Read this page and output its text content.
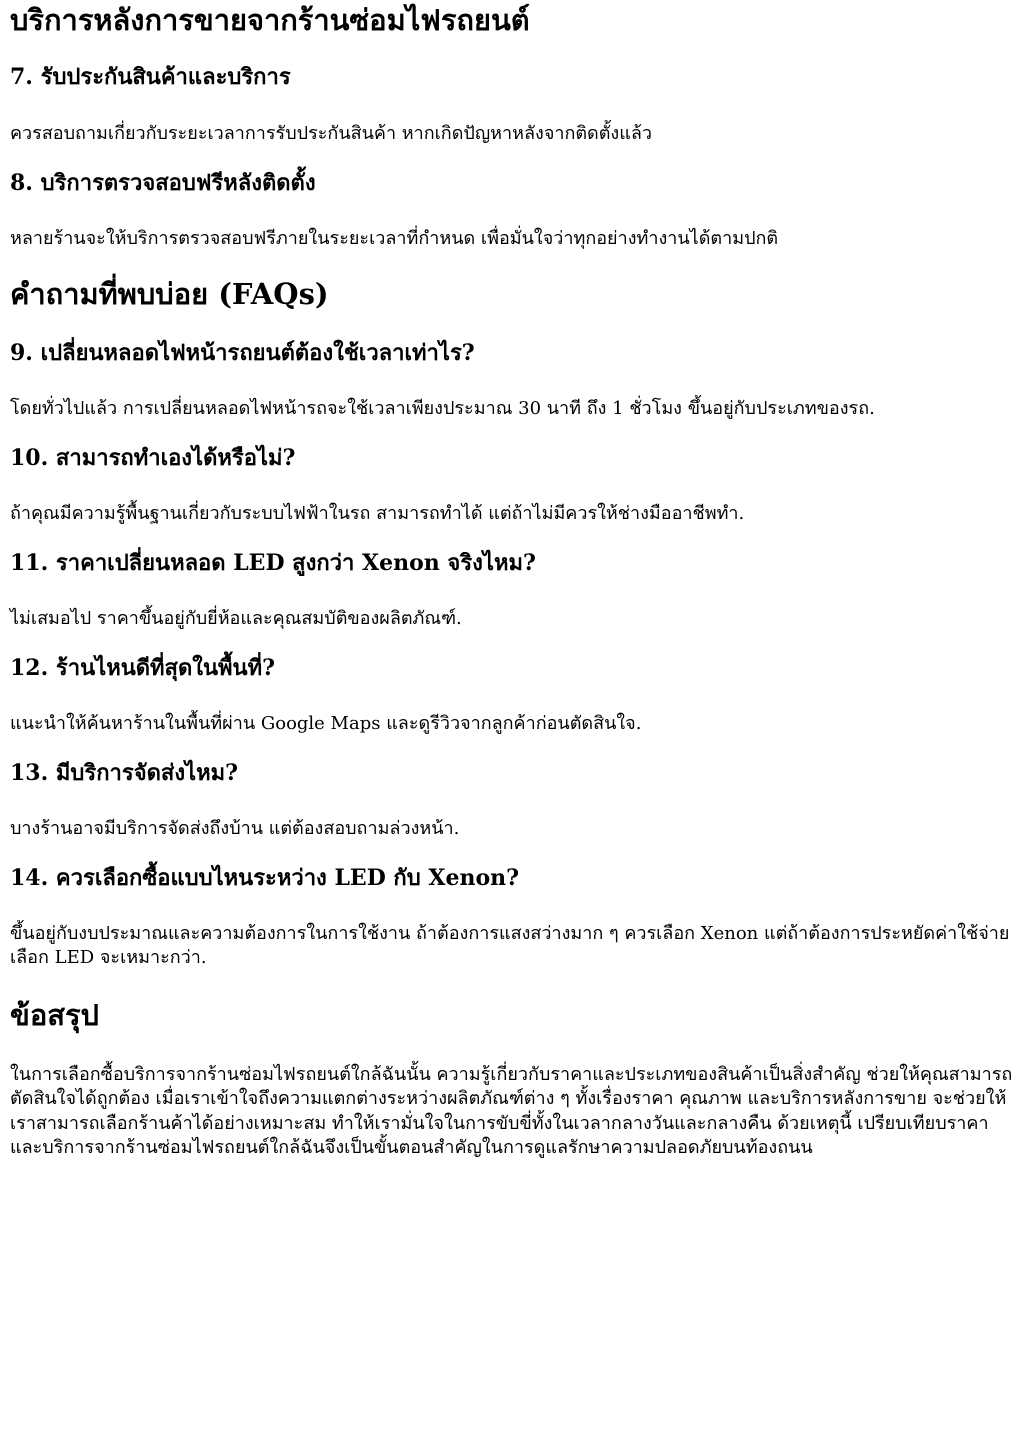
บริการหลังการขายจากร้านซ่อมไฟรถยนต์
7. รับประกันสินค้าและบริการ

ควรสอบถามเกี่ยวกับระยะเวลาการรับประกันสินค้า หากเกิดปัญหาหลังจากติดตั้งแล้ว

8. บริการตรวจสอบฟรีหลังติดตั้ง

หลายร้านจะให้บริการตรวจสอบฟรีภายในระยะเวลาที่กำหนด เพื่อมั่นใจว่าทุกอย่างทำงานได้ตามปกติ

คำถามที่พบบ่อย (FAQs)
9. เปลี่ยนหลอดไฟหน้ารถยนต์ต้องใช้เวลาเท่าไร?

โดยทั่วไปแล้ว การเปลี่ยนหลอดไฟหน้ารถจะใช้เวลาเพียงประมาณ 30 นาที ถึง 1 ชั่วโมง ขึ้นอยู่กับประเภทของรถ.

10. สามารถทำเองได้หรือไม่?

ถ้าคุณมีความรู้พื้นฐานเกี่ยวกับระบบไฟฟ้าในรถ สามารถทำได้ แต่ถ้าไม่มีควรให้ช่างมืออาชีพทำ.

11. ราคาเปลี่ยนหลอด LED สูงกว่า Xenon จริงไหม?

ไม่เสมอไป ราคาขึ้นอยู่กับยี่ห้อและคุณสมบัติของผลิตภัณฑ์.

12. ร้านไหนดีที่สุดในพื้นที่?

แนะนำให้ค้นหาร้านในพื้นที่ผ่าน Google Maps และดูรีวิวจากลูกค้าก่อนตัดสินใจ.

13. มีบริการจัดส่งไหม?

บางร้านอาจมีบริการจัดส่งถึงบ้าน แต่ต้องสอบถามล่วงหน้า.

14. ควรเลือกซื้อแบบไหนระหว่าง LED กับ Xenon?

ขึ้นอยู่กับงบประมาณและความต้องการในการใช้งาน ถ้าต้องการแสงสว่างมาก ๆ ควรเลือก Xenon แต่ถ้าต้องการประหยัดค่าใช้จ่าย เลือก LED จะเหมาะกว่า.

ข้อสรุป

ในการเลือกซื้อบริการจากร้านซ่อมไฟรถยนต์ใกล้ฉันนั้น ความรู้เกี่ยวกับราคาและประเภทของสินค้าเป็นสิ่งสำคัญ ช่วยให้คุณสามารถตัดสินใจได้ถูกต้อง เมื่อเราเข้าใจถึงความแตกต่างระหว่างผลิตภัณฑ์ต่าง ๆ ทั้งเรื่องราคา คุณภาพ และบริการหลังการขาย จะช่วยให้เราสามารถเลือกร้านค้าได้อย่างเหมาะสม ทำให้เรามั่นใจในการขับขี่ทั้งในเวลากลางวันและกลางคืน ด้วยเหตุนี้ เปรียบเทียบราคาและบริการจากร้านซ่อมไฟรถยนต์ใกล้ฉันจึงเป็นขั้นตอนสำคัญในการดูแลรักษาความปลอดภัยบนท้องถนน
